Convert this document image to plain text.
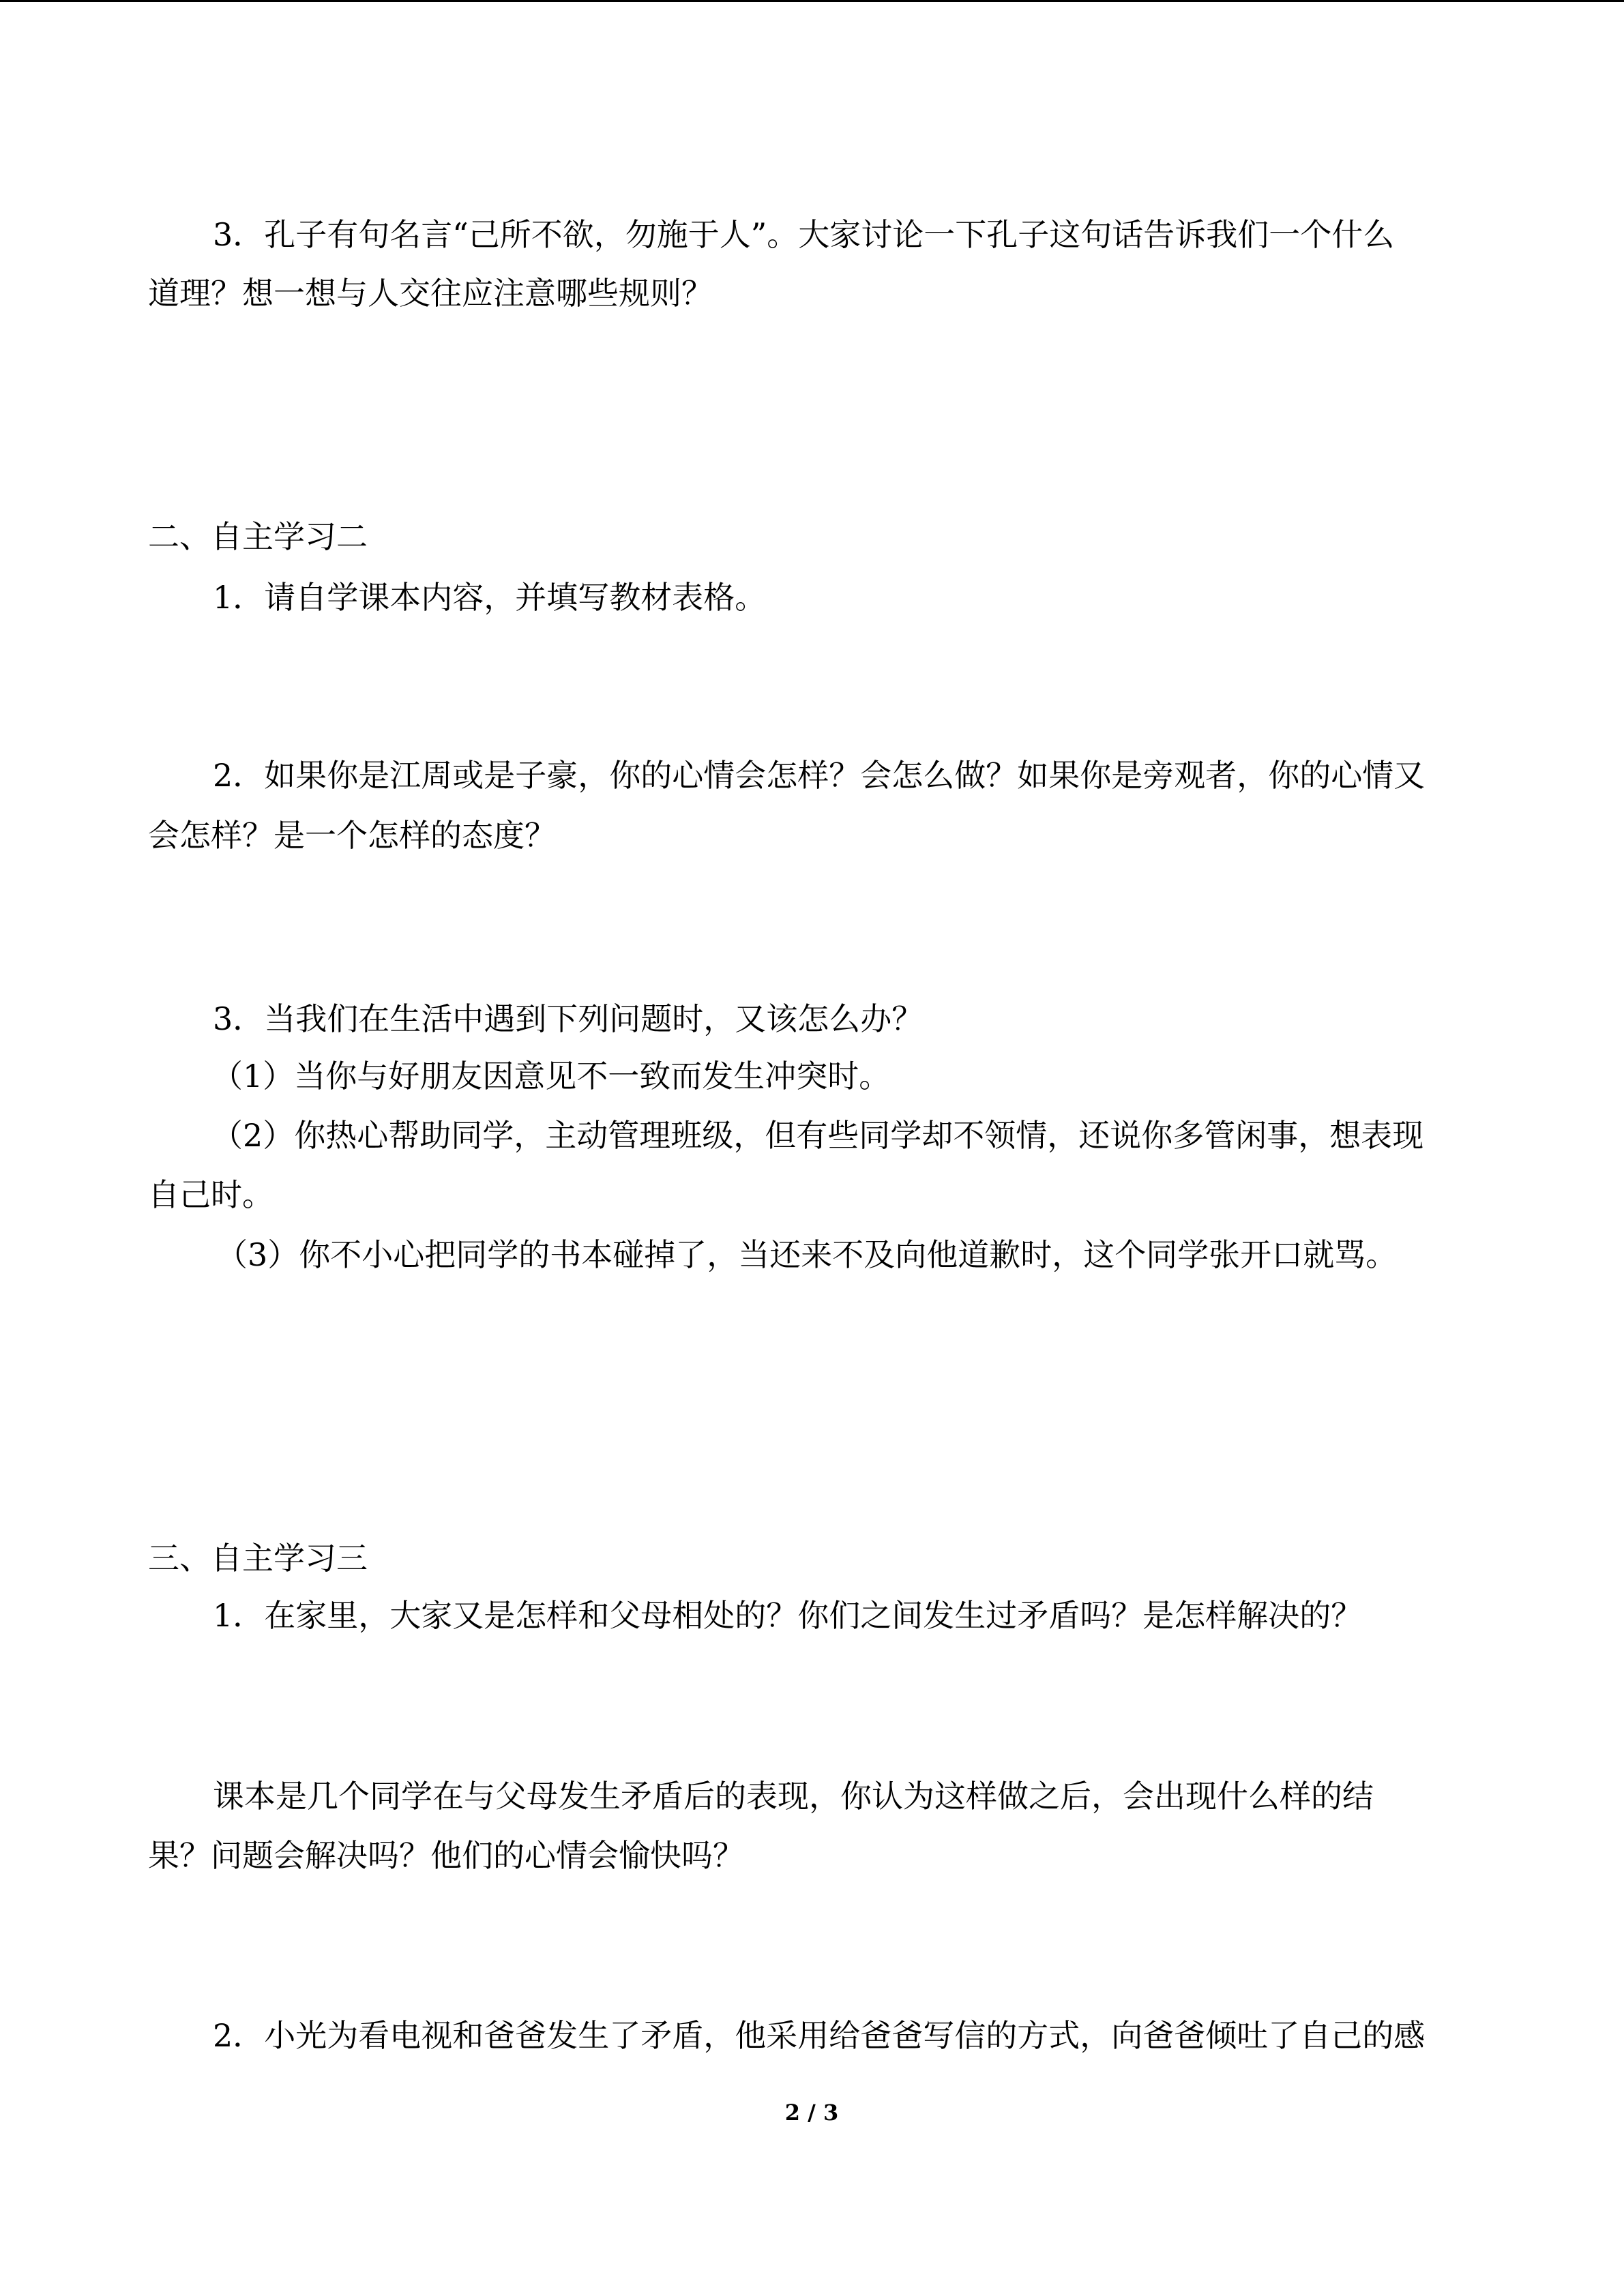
3．孔子有句名言“己所不欲，勿施于人”。大家讨论一下孔子这句话告诉我们一个什么

道理？想一想与人交往应注意哪些规则？

二、自主学习二

1．请自学课本内容，并填写教材表格。

2．如果你是江周或是子豪，你的心情会怎样？会怎么做？如果你是旁观者，你的心情又

会怎样？是一个怎样的态度？

3．当我们在生活中遇到下列问题时，又该怎么办？

（1）当你与好朋友因意见不一致而发生冲突时。

（2）你热心帮助同学，主动管理班级，但有些同学却不领情，还说你多管闲事，想表现

自己时。

（3）你不小心把同学的书本碰掉了，当还来不及向他道歉时，这个同学张开口就骂。

三、自主学习三

1．在家里，大家又是怎样和父母相处的？你们之间发生过矛盾吗？是怎样解决的？

课本是几个同学在与父母发生矛盾后的表现，你认为这样做之后，会出现什么样的结

果？问题会解决吗？他们的心情会愉快吗？

2．小光为看电视和爸爸发生了矛盾，他采用给爸爸写信的方式，向爸爸倾吐了自己的感

2 / 3
